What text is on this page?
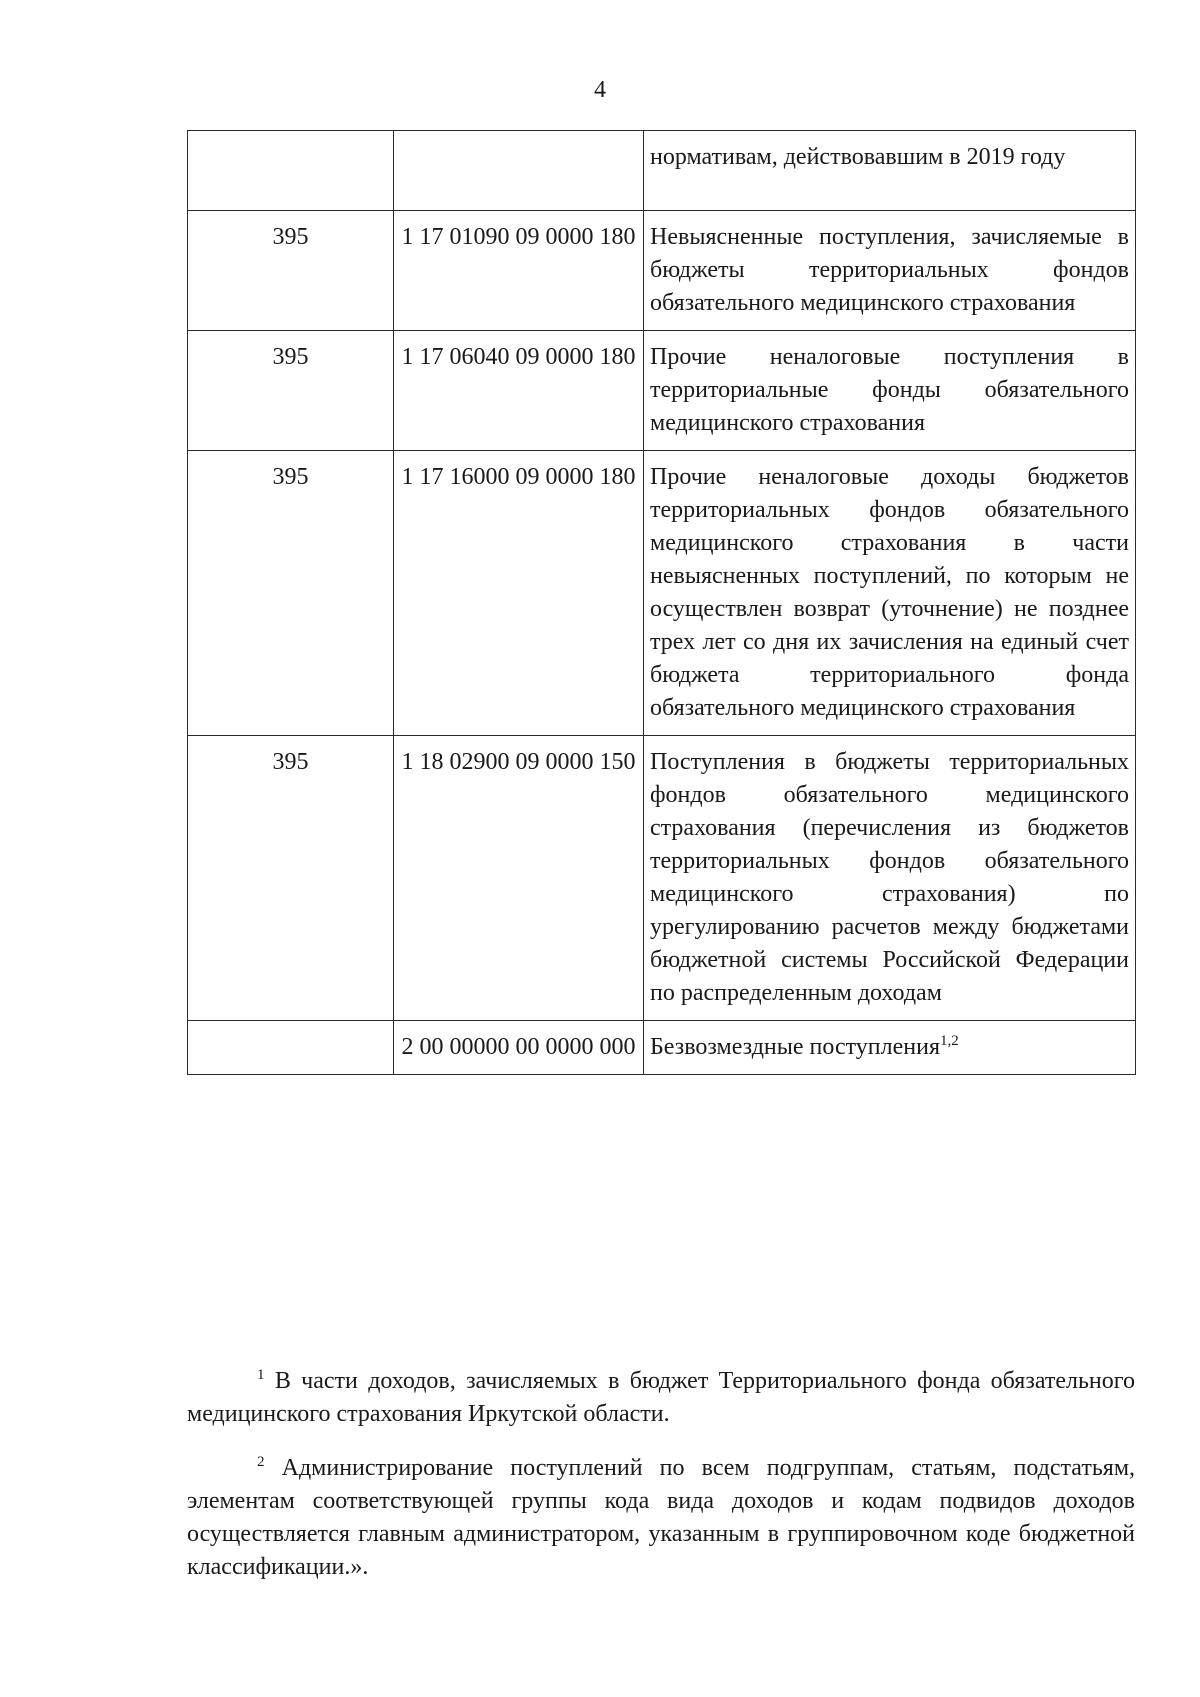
4
		нормативам, действовавшим в 2019 году
395	1 17 01090 09 0000 180	Невыясненные поступления, зачисляемые в бюджеты территориальных фондов обязательного медицинского страхования
395	1 17 06040 09 0000 180	Прочие неналоговые поступления в территориальные фонды обязательного медицинского страхования
395	1 17 16000 09 0000 180	Прочие неналоговые доходы бюджетов территориальных фондов обязательного медицинского страхования в части невыясненных поступлений, по которым не осуществлен возврат (уточнение) не позднее трех лет со дня их зачисления на единый счет бюджета территориального фонда обязательного медицинского страхования
395	1 18 02900 09 0000 150	Поступления в бюджеты территориальных фондов обязательного медицинского страхования (перечисления из бюджетов территориальных фондов обязательного медицинского страхования) по урегулированию расчетов между бюджетами бюджетной системы Российской Федерации по распределенным доходам
	2 00 00000 00 0000 000	Безвозмездные поступления$^{1,2}$

$^1$ В части доходов, зачисляемых в бюджет Территориального фонда обязательного медицинского страхования Иркутской области.

$^2$ Администрирование поступлений по всем подгруппам, статьям, подстатьям, элементам соответствующей группы кода вида доходов и кодам подвидов доходов осуществляется главным администратором, указанным в группировочном коде бюджетной классификации.».
